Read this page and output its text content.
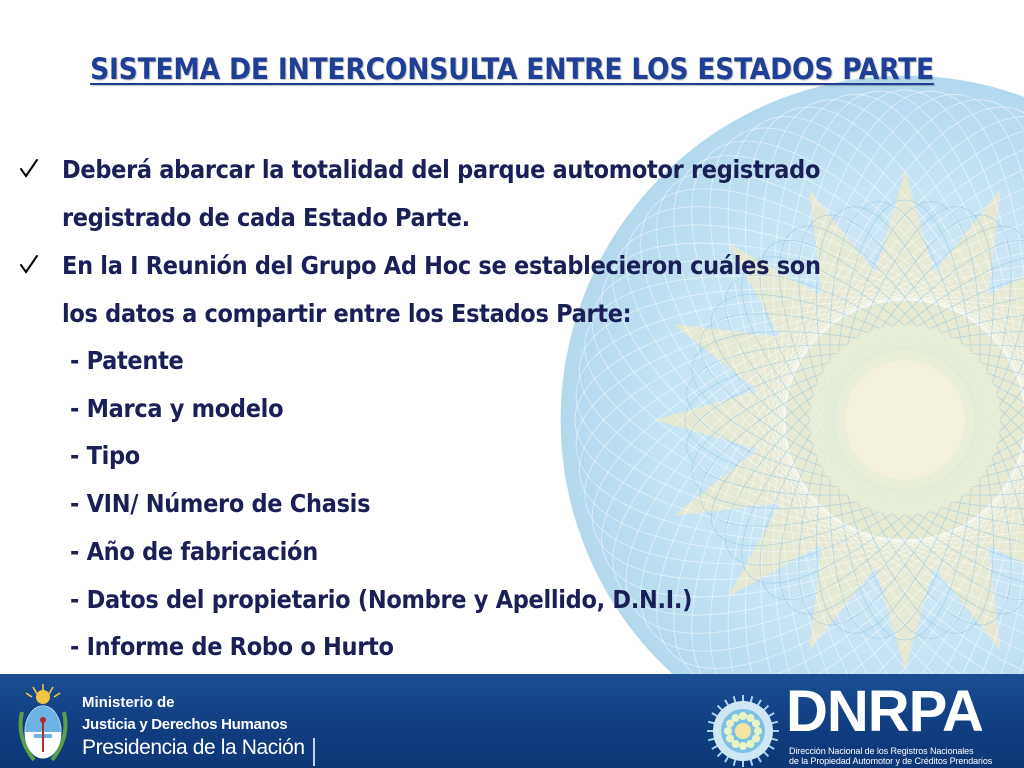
SISTEMA DE INTERCONSULTA ENTRE LOS ESTADOS PARTE
Deberá abarcar la totalidad del parque automotor registrado
registrado de cada Estado Parte.
En la I Reunión del Grupo Ad Hoc se establecieron cuáles son
los datos a compartir entre los Estados Parte:
- Patente
- Marca y modelo
- Tipo
- VIN/ Número de Chasis
- Año de fabricación
- Datos del propietario (Nombre y Apellido, D.N.I.)
- Informe de Robo o Hurto
Ministerio de
Justicia y Derechos Humanos
Presidencia de la Nación
DNRPA
Dirección Nacional de los Registros Nacionales
de la Propiedad Automotor y de Créditos Prendarios
